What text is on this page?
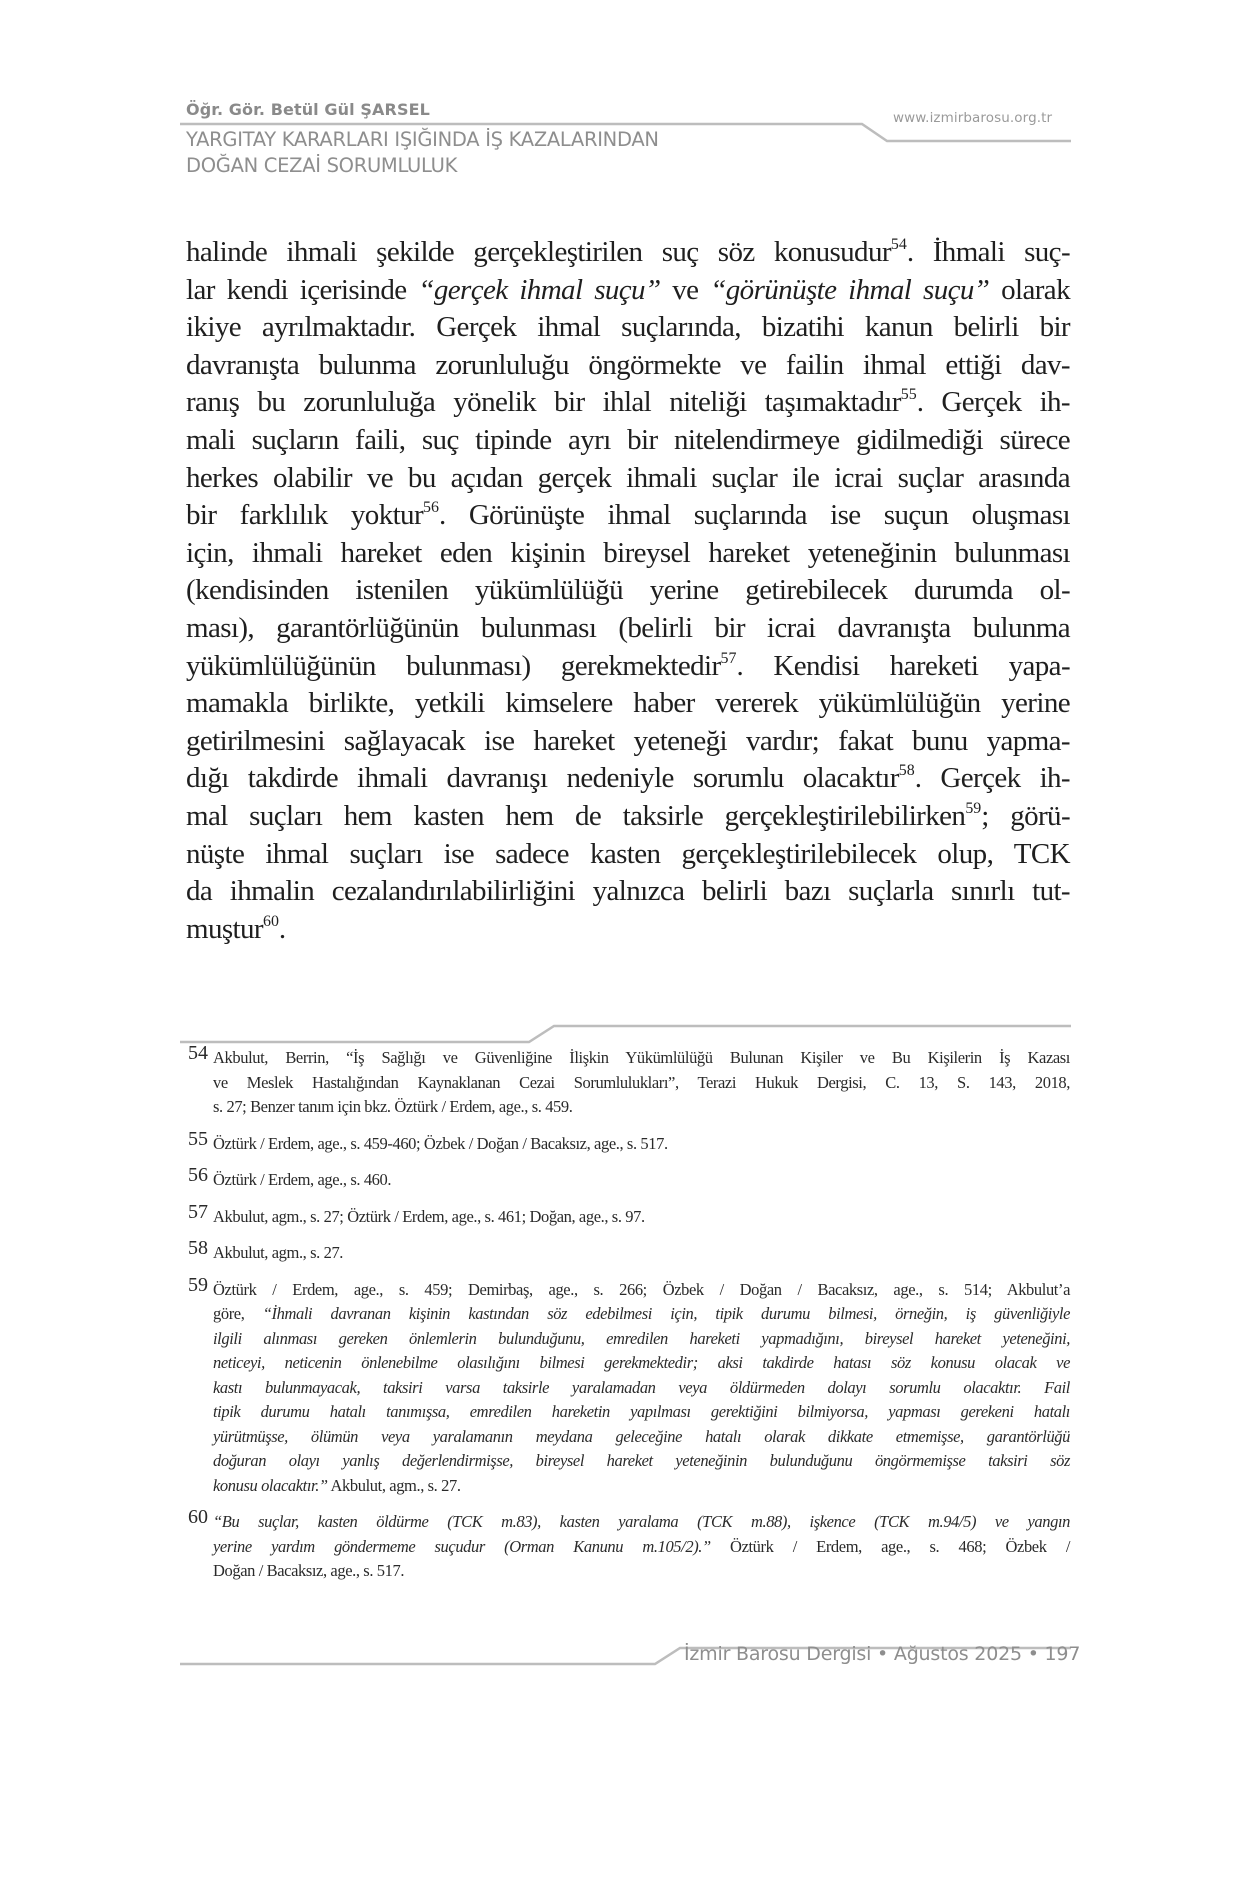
Öğr. Gör. Betül Gül ŞARSEL
YARGITAY KARARLARI IŞIĞINDA İŞ KAZALARINDAN
DOĞAN CEZAİ SORUMLULUK
www.izmirbarosu.org.tr
halinde ihmali şekilde gerçekleştirilen suç söz konusudur$^{54}$. İhmali suç-
lar kendi içerisinde “gerçek ihmal suçu” ve “görünüşte ihmal suçu” olarak
ikiye ayrılmaktadır. Gerçek ihmal suçlarında, bizatihi kanun belirli bir
davranışta bulunma zorunluluğu öngörmekte ve failin ihmal ettiği dav-
ranış bu zorunluluğa yönelik bir ihlal niteliği taşımaktadır$^{55}$. Gerçek ih-
mali suçların faili, suç tipinde ayrı bir nitelendirmeye gidilmediği sürece
herkes olabilir ve bu açıdan gerçek ihmali suçlar ile icrai suçlar arasında
bir farklılık yoktur$^{56}$. Görünüşte ihmal suçlarında ise suçun oluşması
için, ihmali hareket eden kişinin bireysel hareket yeteneğinin bulunması
(kendisinden istenilen yükümlülüğü yerine getirebilecek durumda ol-
ması), garantörlüğünün bulunması (belirli bir icrai davranışta bulunma
yükümlülüğünün bulunması) gerekmektedir$^{57}$. Kendisi hareketi yapa-
mamakla birlikte, yetkili kimselere haber vererek yükümlülüğün yerine
getirilmesini sağlayacak ise hareket yeteneği vardır; fakat bunu yapma-
dığı takdirde ihmali davranışı nedeniyle sorumlu olacaktır$^{58}$. Gerçek ih-
mal suçları hem kasten hem de taksirle gerçekleştirilebilirken$^{59}$; görü-
nüşte ihmal suçları ise sadece kasten gerçekleştirilebilecek olup, TCK
da ihmalin cezalandırılabilirliğini yalnızca belirli bazı suçlarla sınırlı tut-
muştur$^{60}$.
54 Akbulut, Berrin, “İş Sağlığı ve Güvenliğine İlişkin Yükümlülüğü Bulunan Kişiler ve Bu Kişilerin İş Kazası
ve Meslek Hastalığından Kaynaklanan Cezai Sorumlulukları”, Terazi Hukuk Dergisi, C. 13, S. 143, 2018,
s. 27; Benzer tanım için bkz. Öztürk / Erdem, age., s. 459.
55 Öztürk / Erdem, age., s. 459-460; Özbek / Doğan / Bacaksız, age., s. 517.
56 Öztürk / Erdem, age., s. 460.
57 Akbulut, agm., s. 27; Öztürk / Erdem, age., s. 461; Doğan, age., s. 97.
58 Akbulut, agm., s. 27.
59 Öztürk / Erdem, age., s. 459; Demirbaş, age., s. 266; Özbek / Doğan / Bacaksız, age., s. 514; Akbulut’a
göre, “İhmali davranan kişinin kastından söz edebilmesi için, tipik durumu bilmesi, örneğin, iş güvenliğiyle
ilgili alınması gereken önlemlerin bulunduğunu, emredilen hareketi yapmadığını, bireysel hareket yeteneğini,
neticeyi, neticenin önlenebilme olasılığını bilmesi gerekmektedir; aksi takdirde hatası söz konusu olacak ve
kastı bulunmayacak, taksiri varsa taksirle yaralamadan veya öldürmeden dolayı sorumlu olacaktır. Fail
tipik durumu hatalı tanımışsa, emredilen hareketin yapılması gerektiğini bilmiyorsa, yapması gerekeni hatalı
yürütmüşse, ölümün veya yaralamanın meydana geleceğine hatalı olarak dikkate etmemişse, garantörlüğü
doğuran olayı yanlış değerlendirmişse, bireysel hareket yeteneğinin bulunduğunu öngörmemişse taksiri söz
konusu olacaktır.” Akbulut, agm., s. 27.
60 “Bu suçlar, kasten öldürme (TCK m.83), kasten yaralama (TCK m.88), işkence (TCK m.94/5) ve yangın
yerine yardım göndermeme suçudur (Orman Kanunu m.105/2).” Öztürk / Erdem, age., s. 468; Özbek /
Doğan / Bacaksız, age., s. 517.
İzmir Barosu Dergisi • Ağustos 2025 • 197
